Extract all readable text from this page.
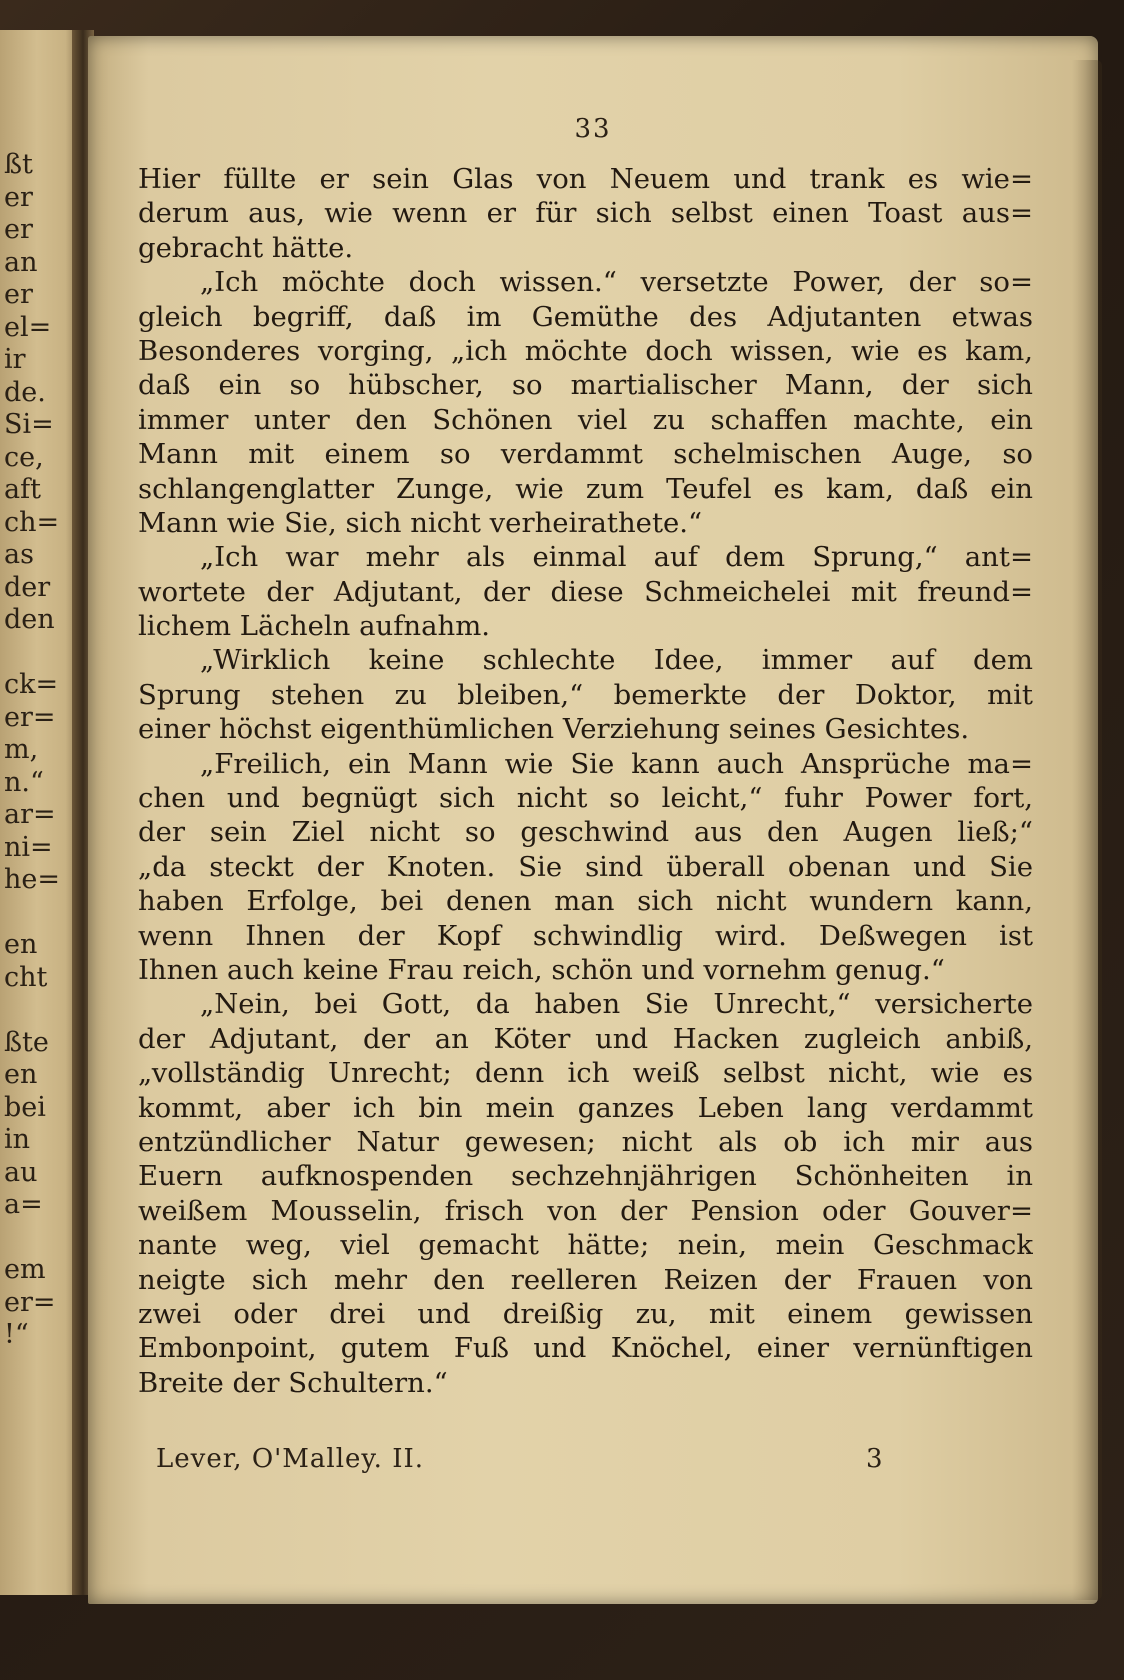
ßt
er
er
an
er
el=
ir
de.
Si=
ce,
aft
ch=
as
der
den
ck=
er=
m,
n.“
ar=
ni=
he=
en
cht
ßte
en
bei
in
au
a=
em
er=
!“
33
Hier füllte er sein Glas von Neuem und trank es wie=
derum aus, wie wenn er für sich selbst einen Toast aus=
gebracht hätte.
„Ich möchte doch wissen.“ versetzte Power, der so=
gleich begriff, daß im Gemüthe des Adjutanten etwas
Besonderes vorging, „ich möchte doch wissen, wie es kam,
daß ein so hübscher, so martialischer Mann, der sich
immer unter den Schönen viel zu schaffen machte, ein
Mann mit einem so verdammt schelmischen Auge, so
schlangenglatter Zunge, wie zum Teufel es kam, daß ein
Mann wie Sie, sich nicht verheirathete.“
„Ich war mehr als einmal auf dem Sprung,“ ant=
wortete der Adjutant, der diese Schmeichelei mit freund=
lichem Lächeln aufnahm.
„Wirklich keine schlechte Idee, immer auf dem
Sprung stehen zu bleiben,“ bemerkte der Doktor, mit
einer höchst eigenthümlichen Verziehung seines Gesichtes.
„Freilich, ein Mann wie Sie kann auch Ansprüche ma=
chen und begnügt sich nicht so leicht,“ fuhr Power fort,
der sein Ziel nicht so geschwind aus den Augen ließ;“
„da steckt der Knoten. Sie sind überall obenan und Sie
haben Erfolge, bei denen man sich nicht wundern kann,
wenn Ihnen der Kopf schwindlig wird. Deßwegen ist
Ihnen auch keine Frau reich, schön und vornehm genug.“
„Nein, bei Gott, da haben Sie Unrecht,“ versicherte
der Adjutant, der an Köter und Hacken zugleich anbiß,
„vollständig Unrecht; denn ich weiß selbst nicht, wie es
kommt, aber ich bin mein ganzes Leben lang verdammt
entzündlicher Natur gewesen; nicht als ob ich mir aus
Euern aufknospenden sechzehnjährigen Schönheiten in
weißem Mousselin, frisch von der Pension oder Gouver=
nante weg, viel gemacht hätte; nein, mein Geschmack
neigte sich mehr den reelleren Reizen der Frauen von
zwei oder drei und dreißig zu, mit einem gewissen
Embonpoint, gutem Fuß und Knöchel, einer vernünftigen
Breite der Schultern.“
Lever, O'Malley. II.	3
